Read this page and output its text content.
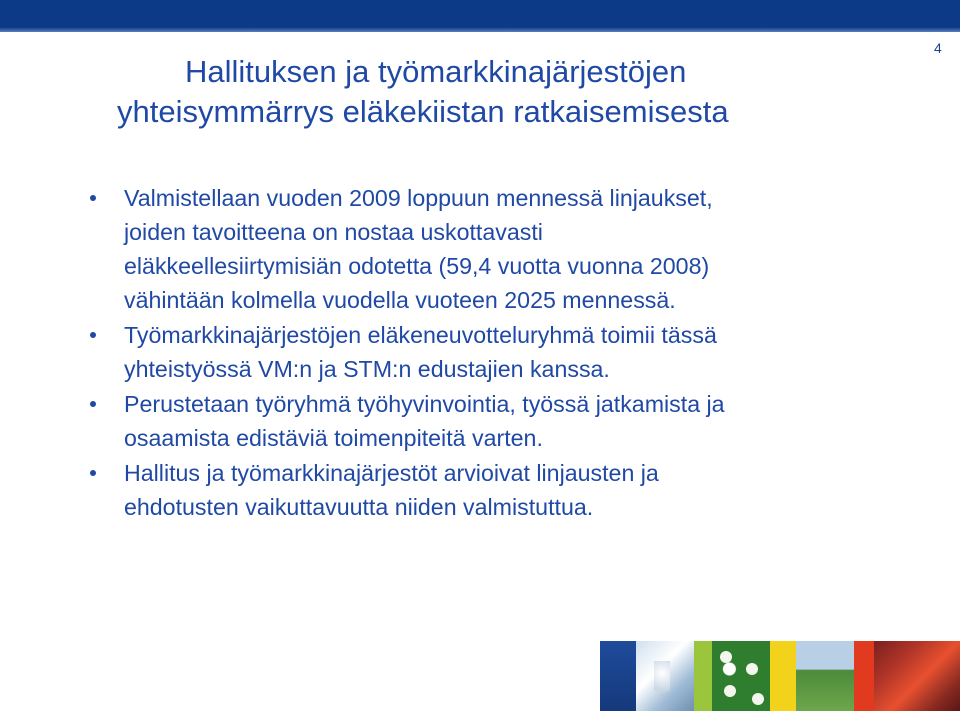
4
Hallituksen ja työmarkkinajärjestöjen
yhteisymmärrys eläkekiistan ratkaisemisesta
Valmistellaan vuoden 2009 loppuun mennessä linjaukset,
joiden tavoitteena on nostaa uskottavasti
eläkkeellesiirtymisiän odotetta (59,4 vuotta vuonna 2008)
vähintään kolmella vuodella vuoteen 2025 mennessä.
Työmarkkinajärjestöjen eläkeneuvotteluryhmä toimii tässä
yhteistyössä VM:n ja STM:n edustajien kanssa.
Perustetaan työryhmä työhyvinvointia, työssä jatkamista ja
osaamista edistäviä toimenpiteitä varten.
Hallitus ja työmarkkinajärjestöt arvioivat linjausten ja
ehdotusten vaikuttavuutta niiden valmistuttua.
